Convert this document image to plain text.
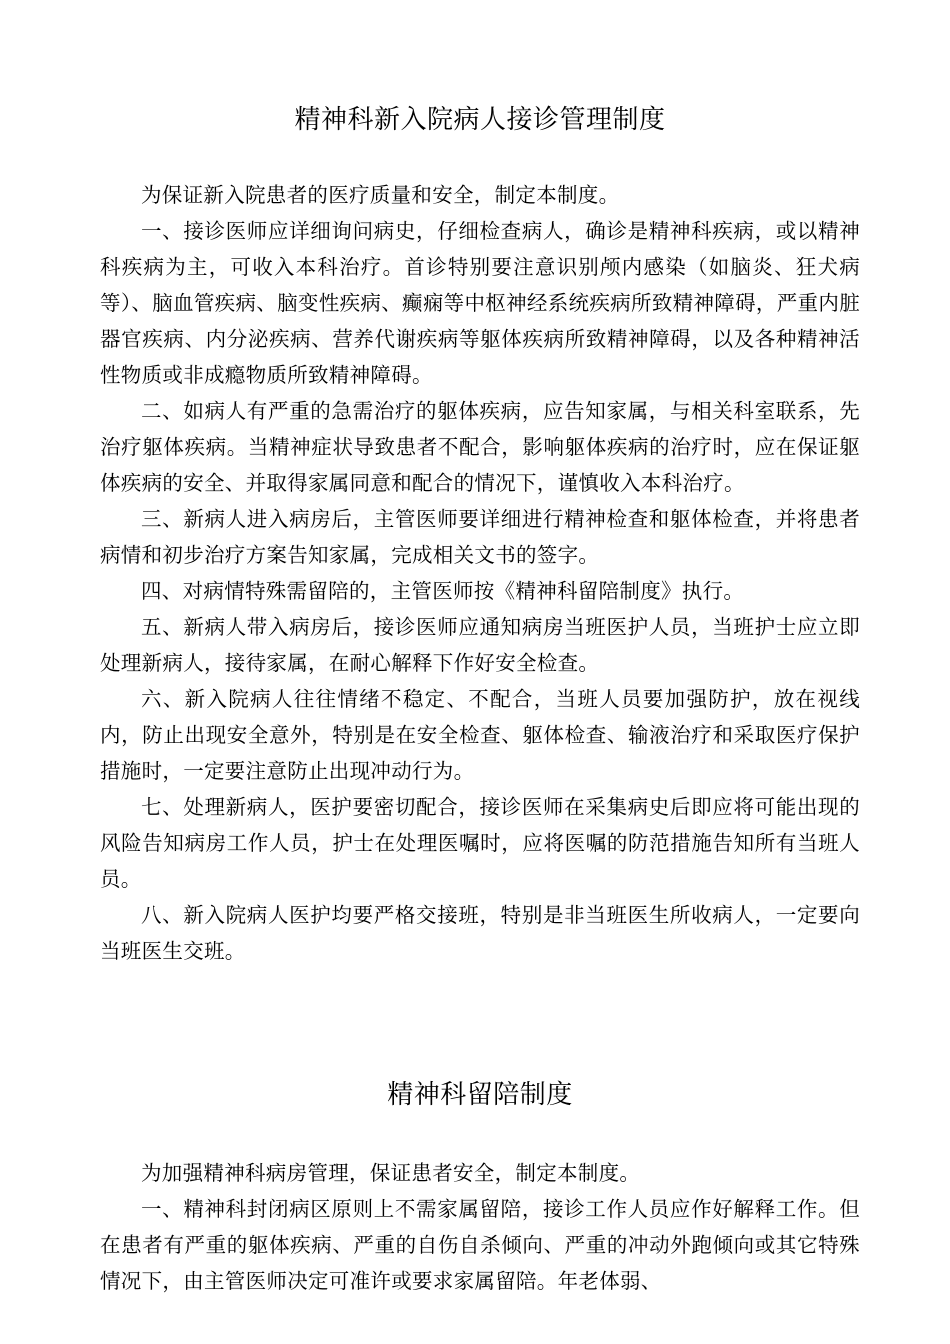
精神科新入院病人接诊管理制度

为保证新入院患者的医疗质量和安全，制定本制度。

一、接诊医师应详细询问病史，仔细检查病人，确诊是精神科疾病，或以精神科疾病为主，可收入本科治疗。首诊特别要注意识别颅内感染（如脑炎、狂犬病等）、脑血管疾病、脑变性疾病、癫痫等中枢神经系统疾病所致精神障碍，严重内脏器官疾病、内分泌疾病、营养代谢疾病等躯体疾病所致精神障碍，以及各种精神活性物质或非成瘾物质所致精神障碍。

二、如病人有严重的急需治疗的躯体疾病，应告知家属，与相关科室联系，先治疗躯体疾病。当精神症状导致患者不配合，影响躯体疾病的治疗时，应在保证躯体疾病的安全、并取得家属同意和配合的情况下，谨慎收入本科治疗。

三、新病人进入病房后，主管医师要详细进行精神检查和躯体检查，并将患者病情和初步治疗方案告知家属，完成相关文书的签字。

四、对病情特殊需留陪的，主管医师按《精神科留陪制度》执行。

五、新病人带入病房后，接诊医师应通知病房当班医护人员，当班护士应立即处理新病人，接待家属，在耐心解释下作好安全检查。

六、新入院病人往往情绪不稳定、不配合，当班人员要加强防护，放在视线内，防止出现安全意外，特别是在安全检查、躯体检查、输液治疗和采取医疗保护措施时，一定要注意防止出现冲动行为。

七、处理新病人，医护要密切配合，接诊医师在采集病史后即应将可能出现的风险告知病房工作人员，护士在处理医嘱时，应将医嘱的防范措施告知所有当班人员。

八、新入院病人医护均要严格交接班，特别是非当班医生所收病人，一定要向当班医生交班。

精神科留陪制度

为加强精神科病房管理，保证患者安全，制定本制度。

一、精神科封闭病区原则上不需家属留陪，接诊工作人员应作好解释工作。但在患者有严重的躯体疾病、严重的自伤自杀倾向、严重的冲动外跑倾向或其它特殊情况下，由主管医师决定可准许或要求家属留陪。年老体弱、
